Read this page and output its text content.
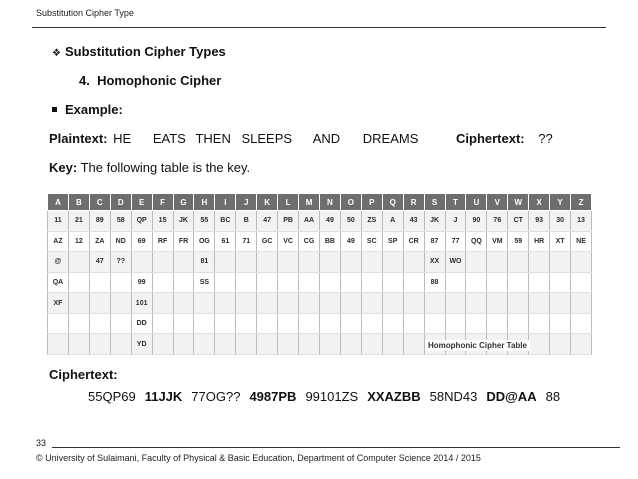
Substitution Cipher Type
❖ Substitution Cipher Types
4. Homophonic Cipher
Example:
Plaintext: HE EATS THEN SLEEPS AND DREAMS	Ciphertext: ??
Key: The following table is the key.
A	B	C	D	E	F	G	H	I	J	K	L	M	N	O	P	Q	R	S	T	U	V	W	X	Y	Z
11	21	89	58	QP	15	JK	55	BC	B	47	PB	AA	49	50	ZS	A	43	JK	J	90	76	CT	93	30	13
AZ	12	ZA	ND	69	RF	FR	OG	61	71	GC	VC	CG	BB	49	SC	SP	CR	87	77	QQ	VM	59	HR	XT	NE
@		47	??				81											XX	WO						
QA				99			SS											88							
XF				101																					
				DD																					
				YD																						Homophonic Cipher Table
Ciphertext:
55QP69 11JJK 77OG?? 4987PB 99101ZS XXAZBB 58ND43 DD@AA 88
33
© University of Sulaimani, Faculty of Physical & Basic Education, Department of Computer Science 2014 / 2015
